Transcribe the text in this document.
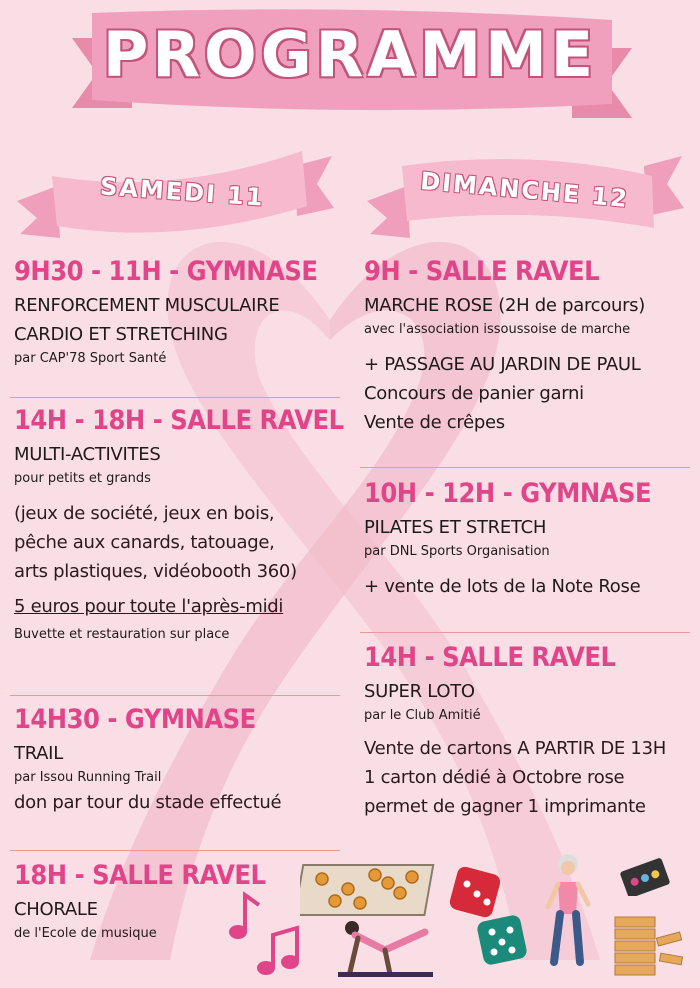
PROGRAMME
SAMEDI 11	DIMANCHE 12
9H30 - 11H - GYMNASE
RENFORCEMENT MUSCULAIRE
CARDIO ET STRETCHING
par CAP'78 Sport Santé
14H - 18H - SALLE RAVEL
MULTI-ACTIVITES
pour petits et grands
(jeux de société, jeux en bois,
pêche aux canards, tatouage,
arts plastiques, vidéobooth 360)
5 euros pour toute l'après-midi
Buvette et restauration sur place
14H30 - GYMNASE
TRAIL
par Issou Running Trail
don par tour du stade effectué
18H - SALLE RAVEL
CHORALE
de l'Ecole de musique
9H - SALLE RAVEL
MARCHE ROSE (2H de parcours)
avec l'association issoussoise de marche
+ PASSAGE AU JARDIN DE PAUL
Concours de panier garni
Vente de crêpes
10H - 12H - GYMNASE
PILATES ET STRETCH
par DNL Sports Organisation
+ vente de lots de la Note Rose
14H - SALLE RAVEL
SUPER LOTO
par le Club Amitié
Vente de cartons A PARTIR DE 13H
1 carton dédié à Octobre rose
permet de gagner 1 imprimante
